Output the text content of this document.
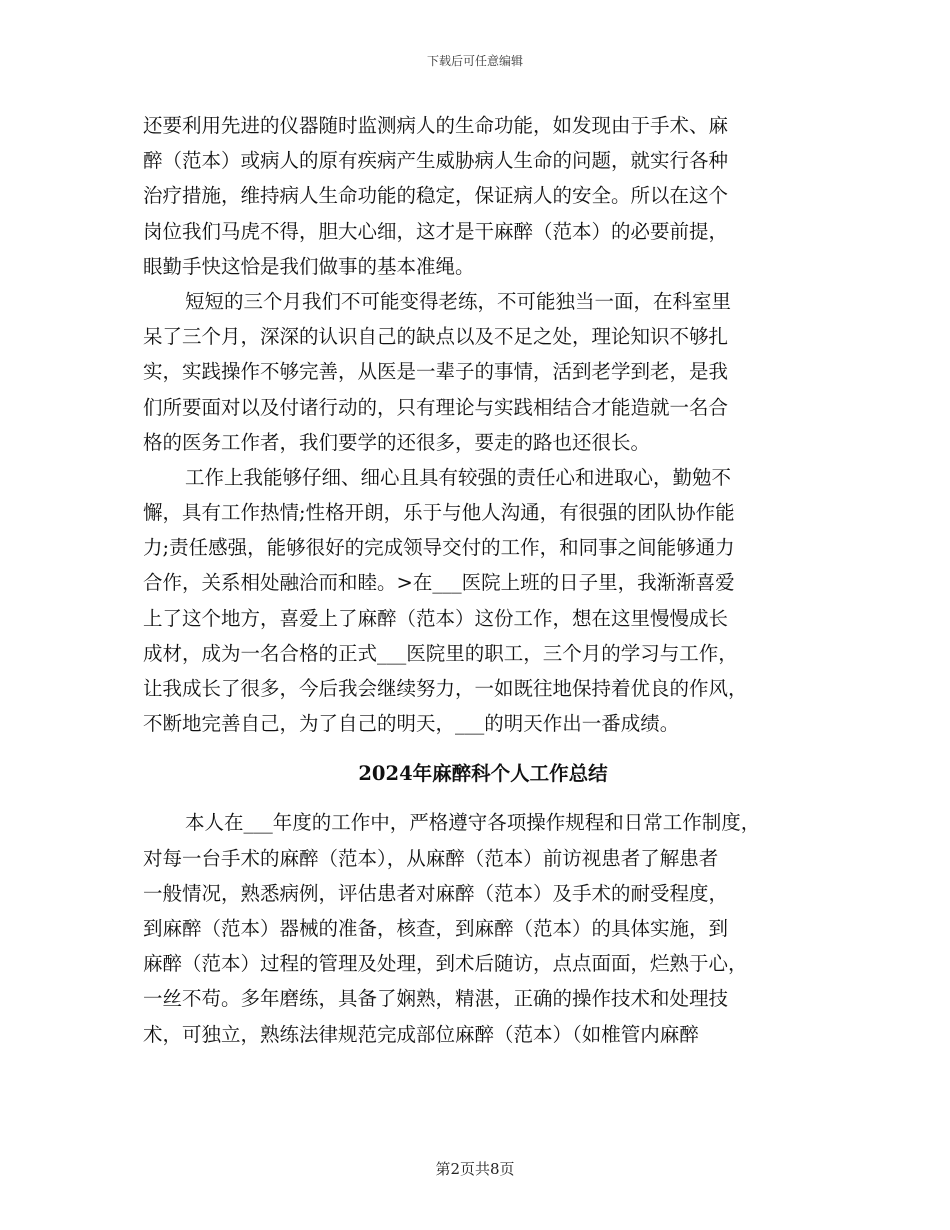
下载后可任意编辑
还要利用先进的仪器随时监测病人的生命功能，如发现由于手术、麻
醉（范本）或病人的原有疾病产生威胁病人生命的问题，就实行各种
治疗措施，维持病人生命功能的稳定，保证病人的安全。所以在这个
岗位我们马虎不得，胆大心细，这才是干麻醉（范本）的必要前提，
眼勤手快这恰是我们做事的基本准绳。
短短的三个月我们不可能变得老练，不可能独当一面，在科室里
呆了三个月，深深的认识自己的缺点以及不足之处，理论知识不够扎
实，实践操作不够完善，从医是一辈子的事情，活到老学到老，是我
们所要面对以及付诸行动的，只有理论与实践相结合才能造就一名合
格的医务工作者，我们要学的还很多，要走的路也还很长。
工作上我能够仔细、细心且具有较强的责任心和进取心，勤勉不
懈，具有工作热情;性格开朗，乐于与他人沟通，有很强的团队协作能
力;责任感强，能够很好的完成领导交付的工作，和同事之间能够通力
合作，关系相处融洽而和睦。>在___医院上班的日子里，我渐渐喜爱
上了这个地方，喜爱上了麻醉（范本）这份工作，想在这里慢慢成长
成材，成为一名合格的正式___医院里的职工，三个月的学习与工作，
让我成长了很多，今后我会继续努力，一如既往地保持着优良的作风，
不断地完善自己，为了自己的明天，___的明天作出一番成绩。
2024年麻醉科个人工作总结
本人在___年度的工作中，严格遵守各项操作规程和日常工作制度，
对每一台手术的麻醉（范本），从麻醉（范本）前访视患者了解患者
一般情况，熟悉病例，评估患者对麻醉（范本）及手术的耐受程度，
到麻醉（范本）器械的准备，核查，到麻醉（范本）的具体实施，到
麻醉（范本）过程的管理及处理，到术后随访，点点面面，烂熟于心，
一丝不苟。多年磨练，具备了娴熟，精湛，正确的操作技术和处理技
术，可独立，熟练法律规范完成部位麻醉（范本）（如椎管内麻醉
第2页共8页
